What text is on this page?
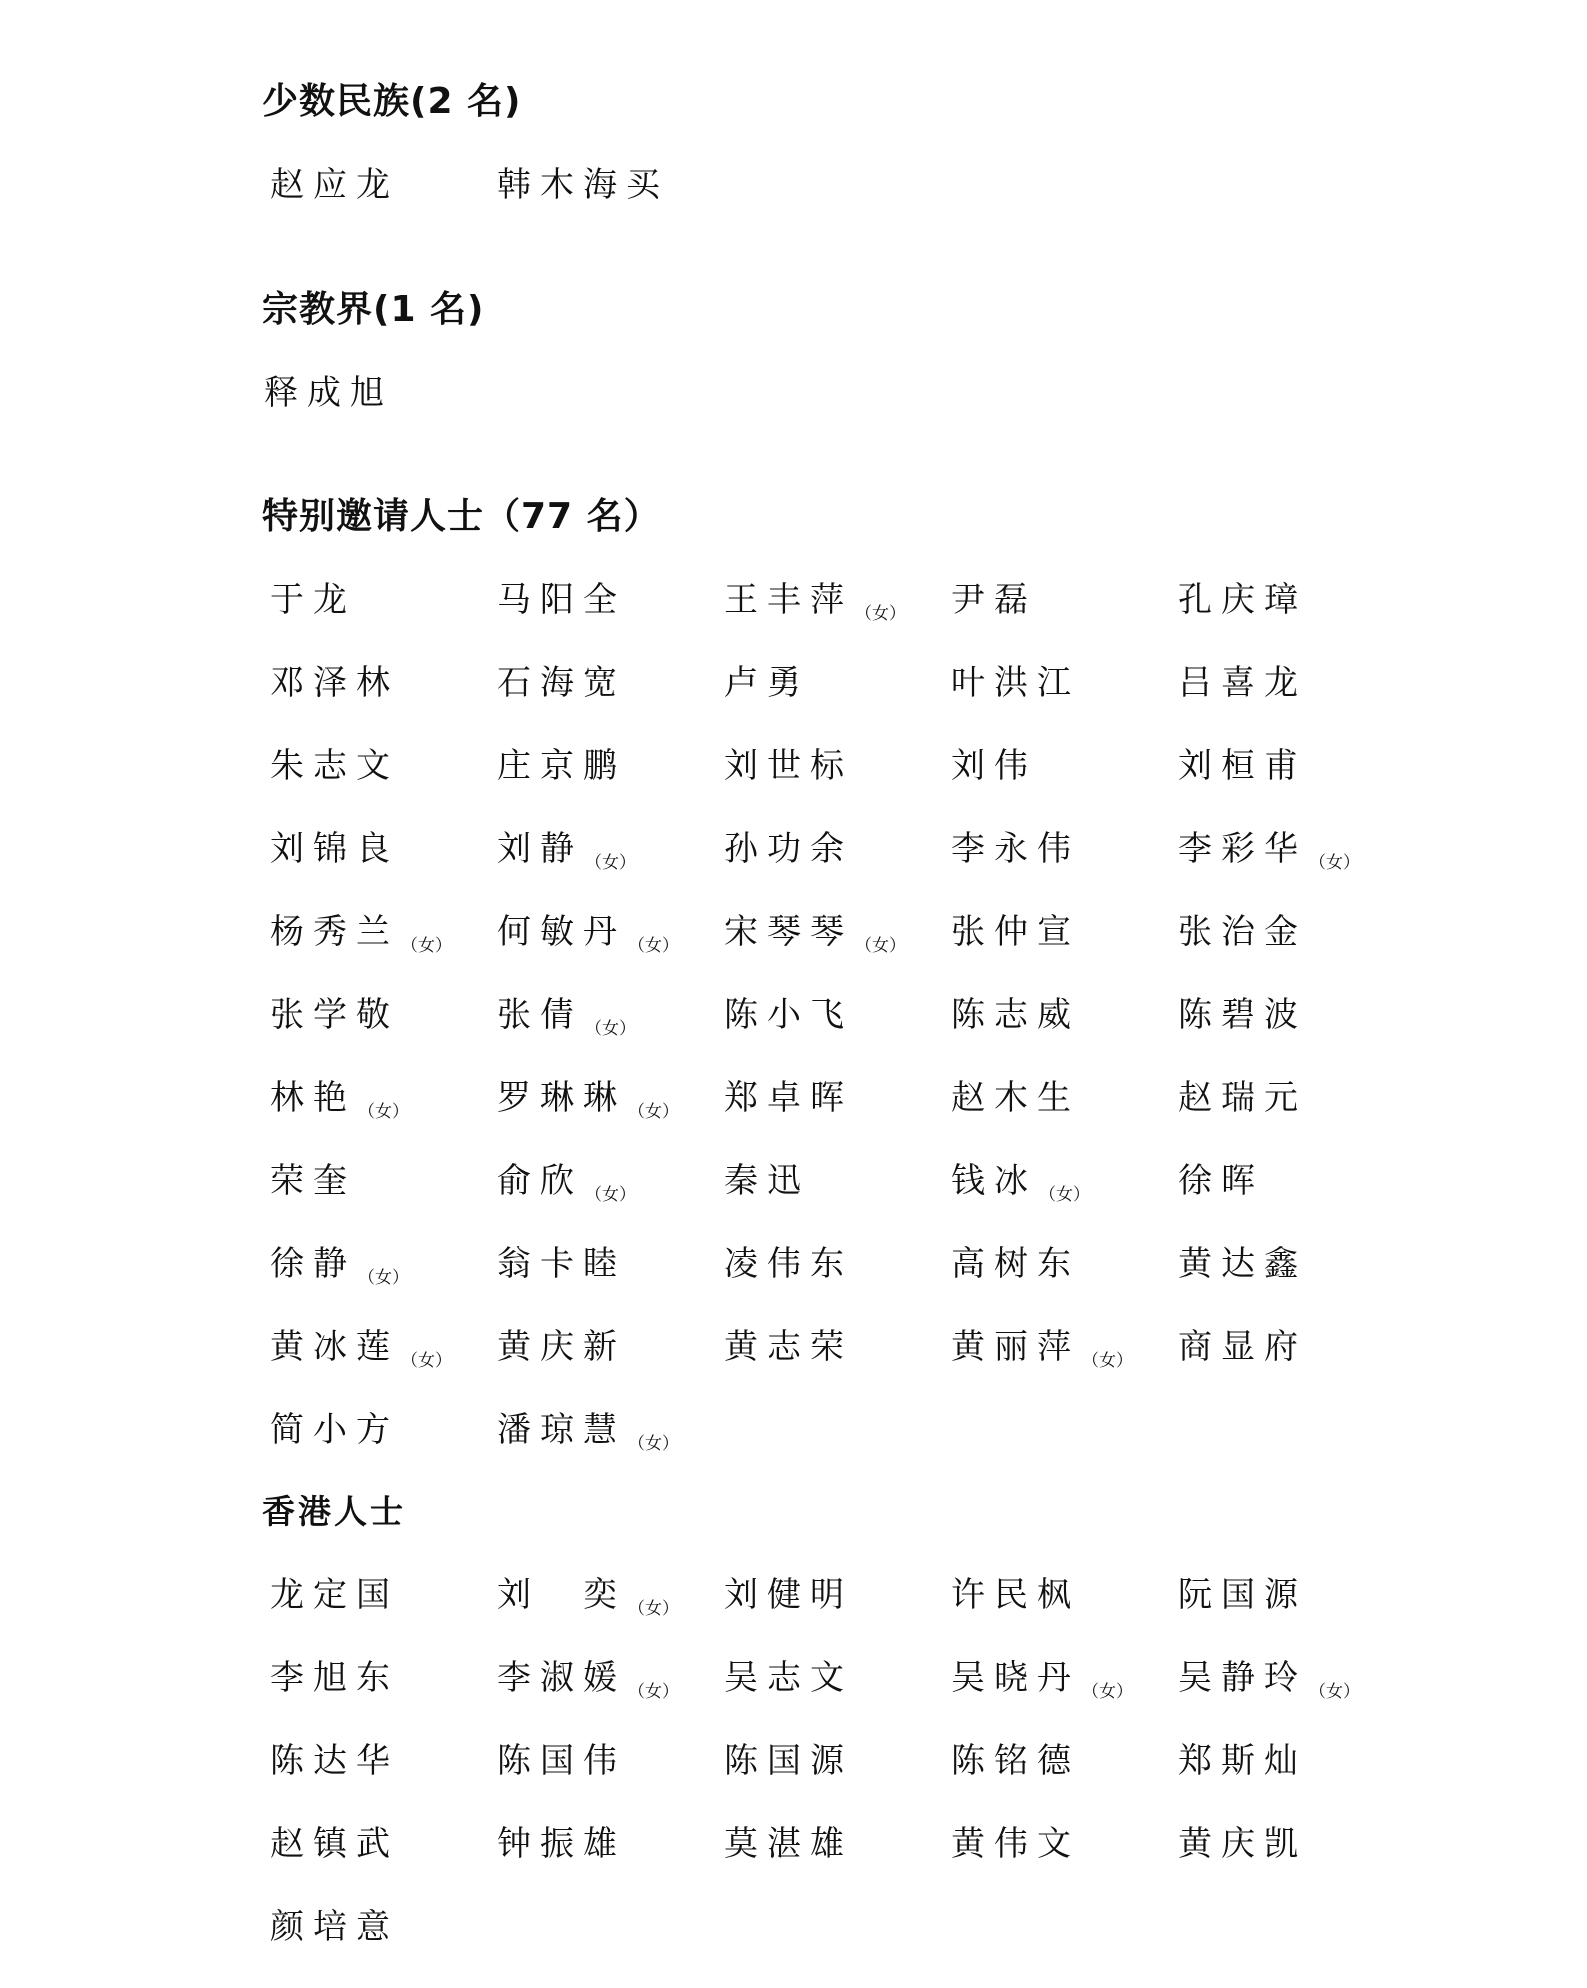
少数民族(2 名)
赵应龙	韩木海买
宗教界(1 名)
释成旭
特别邀请人士（77 名）
于龙	马阳全	王丰萍 $_{(女)}$	尹磊	孔庆璋
邓泽林	石海宽	卢勇	叶洪江	吕喜龙
朱志文	庄京鹏	刘世标	刘伟	刘桓甫
刘锦良	刘静 $_{(女)}$	孙功余	李永伟	李彩华 $_{(女)}$
杨秀兰 $_{(女)}$	何敏丹 $_{(女)}$	宋琴琴 $_{(女)}$	张仲宣	张治金
张学敬	张倩 $_{(女)}$	陈小飞	陈志威	陈碧波
林艳 $_{(女)}$	罗琳琳 $_{(女)}$	郑卓晖	赵木生	赵瑞元
荣奎	俞欣 $_{(女)}$	秦迅	钱冰 $_{(女)}$	徐晖
徐静 $_{(女)}$	翁卡睦	凌伟东	高树东	黄达鑫
黄冰莲 $_{(女)}$	黄庆新	黄志荣	黄丽萍 $_{(女)}$	商显府
简小方	潘琼慧 $_{(女)}$
香港人士
龙定国	刘　奕 $_{(女)}$	刘健明	许民枫	阮国源
李旭东	李淑媛 $_{(女)}$	吴志文	吴晓丹 $_{(女)}$	吴静玲 $_{(女)}$
陈达华	陈国伟	陈国源	陈铭德	郑斯灿
赵镇武	钟振雄	莫湛雄	黄伟文	黄庆凯
颜培意
